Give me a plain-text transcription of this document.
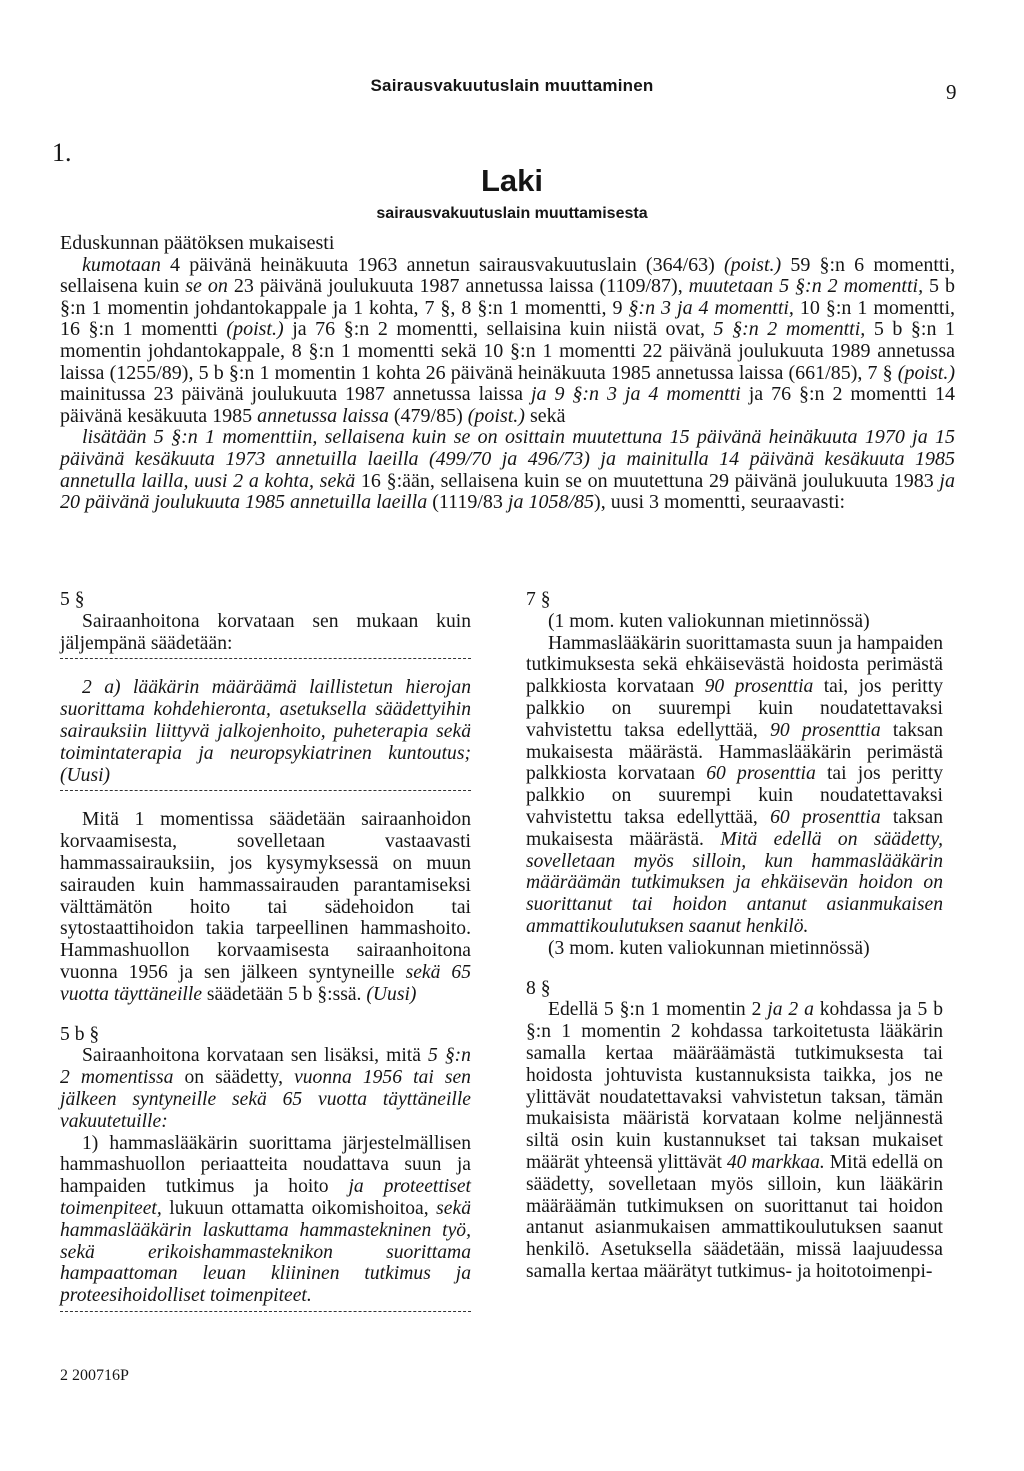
Sairausvakuutuslain muuttaminen	9
1.
Laki
sairausvakuutuslain muuttamisesta

Eduskunnan päätöksen mukaisesti

kumotaan 4 päivänä heinäkuuta 1963 annetun sairausvakuutuslain (364/63) (poist.) 59 §:n 6 momentti, sellaisena kuin se on 23 päivänä joulukuuta 1987 annetussa laissa (1109/87), muutetaan 5 §:n 2 momentti, 5 b §:n 1 momentin johdantokappale ja 1 kohta, 7 §, 8 §:n 1 momentti, 9 §:n 3 ja 4 momentti, 10 §:n 1 momentti, 16 §:n 1 momentti (poist.) ja 76 §:n 2 momentti, sellaisina kuin niistä ovat, 5 §:n 2 momentti, 5 b §:n 1 momentin johdantokappale, 8 §:n 1 momentti sekä 10 §:n 1 momentti 22 päivänä joulukuuta 1989 annetussa laissa (1255/89), 5 b §:n 1 momentin 1 kohta 26 päivänä heinäkuuta 1985 annetussa laissa (661/85), 7 § (poist.) mainitussa 23 päivänä joulukuuta 1987 annetussa laissa ja 9 §:n 3 ja 4 momentti ja 76 §:n 2 momentti 14 päivänä kesäkuuta 1985 annetussa laissa (479/85) (poist.) sekä

lisätään 5 §:n 1 momenttiin, sellaisena kuin se on osittain muutettuna 15 päivänä heinäkuuta 1970 ja 15 päivänä kesäkuuta 1973 annetuilla laeilla (499/70 ja 496/73) ja mainitulla 14 päivänä kesäkuuta 1985 annetulla lailla, uusi 2 a kohta, sekä 16 §:ään, sellaisena kuin se on muutettuna 29 päivänä joulukuuta 1983 ja 20 päivänä joulukuuta 1985 annetuilla laeilla (1119/83 ja 1058/85), uusi 3 momentti, seuraavasti:

5 §

Sairaanhoitona korvataan sen mukaan kuin jäljempänä säädetään:

2 a) lääkärin määräämä laillistetun hierojan suorittama kohdehieronta, asetuksella säädettyihin sairauksiin liittyvä jalkojenhoito, puheterapia sekä toimintaterapia ja neuropsykiatrinen kuntoutus; (Uusi)

Mitä 1 momentissa säädetään sairaanhoidon korvaamisesta, sovelletaan vastaavasti hammassairauksiin, jos kysymyksessä on muun sairauden kuin hammassairauden parantamiseksi välttämätön hoito tai sädehoidon tai sytostaattihoidon takia tarpeellinen hammashoito. Hammashuollon korvaamisesta sairaanhoitona vuonna 1956 ja sen jälkeen syntyneille sekä 65 vuotta täyttäneille säädetään 5 b §:ssä. (Uusi)

5 b §

Sairaanhoitona korvataan sen lisäksi, mitä 5 §:n 2 momentissa on säädetty, vuonna 1956 tai sen jälkeen syntyneille sekä 65 vuotta täyttäneille vakuutetuille:

1) hammaslääkärin suorittama järjestelmällisen hammashuollon periaatteita noudattava suun ja hampaiden tutkimus ja hoito ja proteettiset toimenpiteet, lukuun ottamatta oikomishoitoa, sekä hammaslääkärin laskuttama hammastekninen työ, sekä erikoishammasteknikon suorittama hampaattoman leuan kliininen tutkimus ja proteesihoidolliset toimenpiteet.

7 §

(1 mom. kuten valiokunnan mietinnössä)

Hammaslääkärin suorittamasta suun ja hampaiden tutkimuksesta sekä ehkäisevästä hoidosta perimästä palkkiosta korvataan 90 prosenttia tai, jos peritty palkkio on suurempi kuin noudatettavaksi vahvistettu taksa edellyttää, 90 prosenttia taksan mukaisesta määrästä. Hammaslääkärin perimästä palkkiosta korvataan 60 prosenttia tai jos peritty palkkio on suurempi kuin noudatettavaksi vahvistettu taksa edellyttää, 60 prosenttia taksan mukaisesta määrästä. Mitä edellä on säädetty, sovelletaan myös silloin, kun hammaslääkärin määräämän tutkimuksen ja ehkäisevän hoidon on suorittanut tai hoidon antanut asianmukaisen ammattikoulutuksen saanut henkilö.

(3 mom. kuten valiokunnan mietinnössä)

8 §

Edellä 5 §:n 1 momentin 2 ja 2 a kohdassa ja 5 b §:n 1 momentin 2 kohdassa tarkoitetusta lääkärin samalla kertaa määräämästä tutkimuksesta tai hoidosta johtuvista kustannuksista taikka, jos ne ylittävät noudatettavaksi vahvistetun taksan, tämän mukaisista määristä korvataan kolme neljännestä siltä osin kuin kustannukset tai taksan mukaiset määrät yhteensä ylittävät 40 markkaa. Mitä edellä on säädetty, sovelletaan myös silloin, kun lääkärin määräämän tutkimuksen on suorittanut tai hoidon antanut asianmukaisen ammattikoulutuksen saanut henkilö. Asetuksella säädetään, missä laajuudessa samalla kertaa määrätyt tutkimus- ja hoitotoimenpi-

2 200716P
